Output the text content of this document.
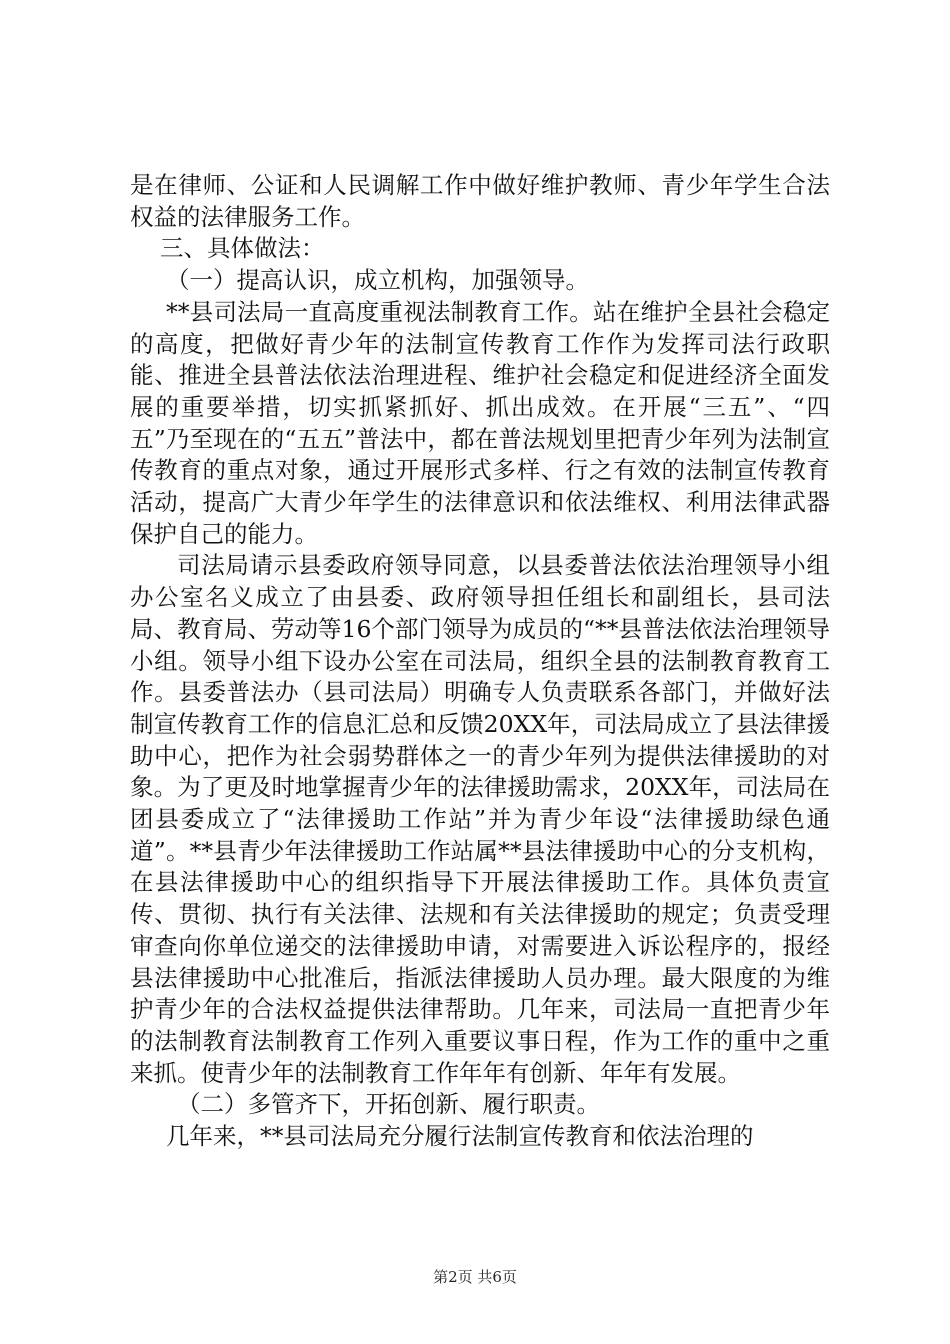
是在律师、公证和人民调解工作中做好维护教师、青少年学生合法权益的法律服务工作。

三、具体做法：

（一）提高认识，成立机构，加强领导。

**县司法局一直高度重视法制教育工作。站在维护全县社会稳定的高度，把做好青少年的法制宣传教育工作作为发挥司法行政职能、推进全县普法依法治理进程、维护社会稳定和促进经济全面发展的重要举措，切实抓紧抓好、抓出成效。在开展“三五”、“四五”乃至现在的“五五”普法中，都在普法规划里把青少年列为法制宣传教育的重点对象，通过开展形式多样、行之有效的法制宣传教育活动，提高广大青少年学生的法律意识和依法维权、利用法律武器保护自己的能力。

司法局请示县委政府领导同意，以县委普法依法治理领导小组办公室名义成立了由县委、政府领导担任组长和副组长，县司法局、教育局、劳动等16个部门领导为成员的“**县普法依法治理领导小组。领导小组下设办公室在司法局，组织全县的法制教育教育工作。县委普法办（县司法局）明确专人负责联系各部门，并做好法制宣传教育工作的信息汇总和反馈20XX年，司法局成立了县法律援助中心，把作为社会弱势群体之一的青少年列为提供法律援助的对象。为了更及时地掌握青少年的法律援助需求，20XX年，司法局在团县委成立了“法律援助工作站”并为青少年设“法律援助绿色通道”。**县青少年法律援助工作站属**县法律援助中心的分支机构，在县法律援助中心的组织指导下开展法律援助工作。具体负责宣传、贯彻、执行有关法律、法规和有关法律援助的规定；负责受理审查向你单位递交的法律援助申请，对需要进入诉讼程序的，报经县法律援助中心批准后，指派法律援助人员办理。最大限度的为维护青少年的合法权益提供法律帮助。几年来，司法局一直把青少年的法制教育法制教育工作列入重要议事日程，作为工作的重中之重来抓。使青少年的法制教育工作年年有创新、年年有发展。

（二）多管齐下，开拓创新、履行职责。

几年来，**县司法局充分履行法制宣传教育和依法治理的

第2页 共6页
